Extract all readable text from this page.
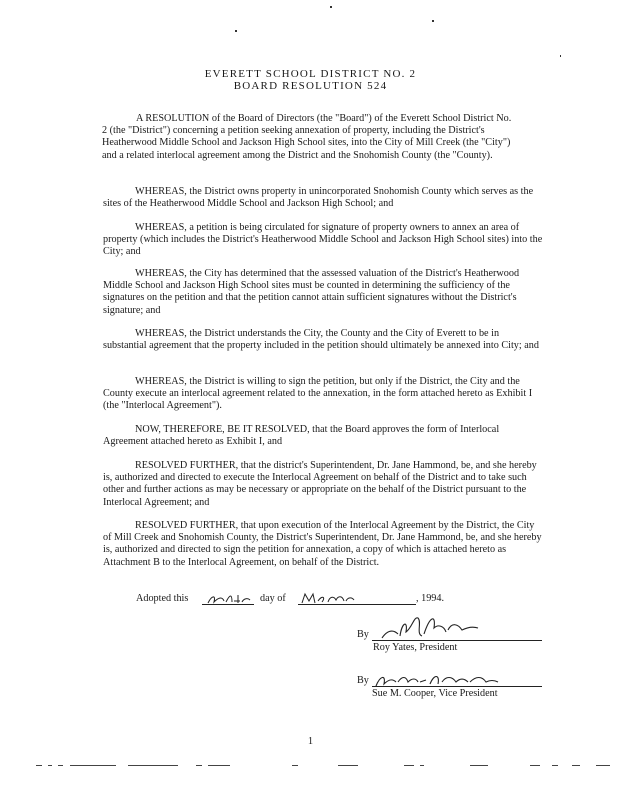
EVERETT SCHOOL DISTRICT NO. 2
BOARD RESOLUTION 524
A RESOLUTION of the Board of Directors (the "Board") of the Everett School District No. 2 (the "District") concerning a petition seeking annexation of property, including the District's Heatherwood Middle School and Jackson High School sites, into the City of Mill Creek (the "City") and a related interlocal agreement among the District and the Snohomish County (the "County).
WHEREAS, the District owns property in unincorporated Snohomish County which serves as the sites of the Heatherwood Middle School and Jackson High School; and
WHEREAS, a petition is being circulated for signature of property owners to annex an area of property (which includes the District's Heatherwood Middle School and Jackson High School sites) into the City; and
WHEREAS, the City has determined that the assessed valuation of the District's Heatherwood Middle School and Jackson High School sites must be counted in determining the sufficiency of the signatures on the petition and that the petition cannot attain sufficient signatures without the District's signature; and
WHEREAS, the District understands the City, the County and the City of Everett to be in substantial agreement that the property included in the petition should ultimately be annexed into City; and
WHEREAS, the District is willing to sign the petition, but only if the District, the City and the County execute an interlocal agreement related to the annexation, in the form attached hereto as Exhibit I (the "Interlocal Agreement").
NOW, THEREFORE, BE IT RESOLVED, that the Board approves the form of Interlocal Agreement attached hereto as Exhibit I, and
RESOLVED FURTHER, that the district's Superintendent, Dr. Jane Hammond, be, and she hereby is, authorized and directed to execute the Interlocal Agreement on behalf of the District and to take such other and further actions as may be necessary or appropriate on the behalf of the District pursuant to the Interlocal Agreement; and
RESOLVED FURTHER, that upon execution of the Interlocal Agreement by the District, the City of Mill Creek and Snohomish County, the District's Superintendent, Dr. Jane Hammond, be, and she hereby is, authorized and directed to sign the petition for annexation, a copy of which is attached hereto as Attachment B to the Interlocal Agreement, on behalf of the District.
Adopted this	day of	, 1994.
By
Roy Yates, President
By
Sue M. Cooper, Vice President
1
